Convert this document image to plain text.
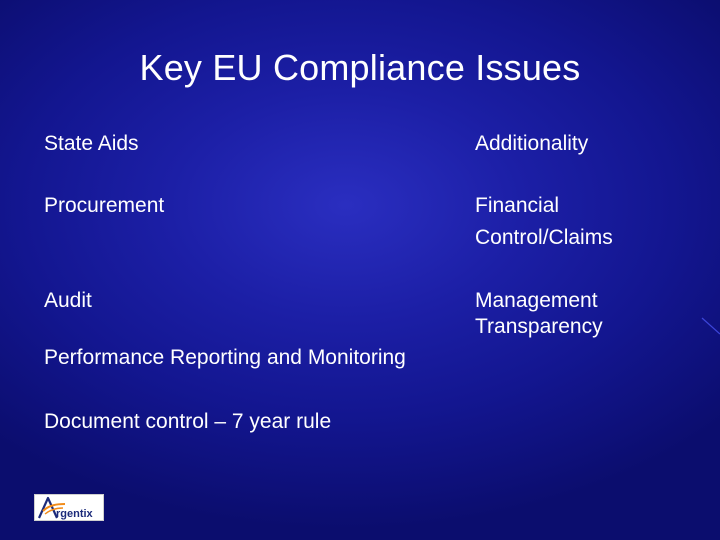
Key EU Compliance Issues
State Aids
Procurement
Audit
Performance Reporting and Monitoring
Document control – 7 year rule
Additionality
Financial
Control/Claims
Management
Transparency
rgentix
